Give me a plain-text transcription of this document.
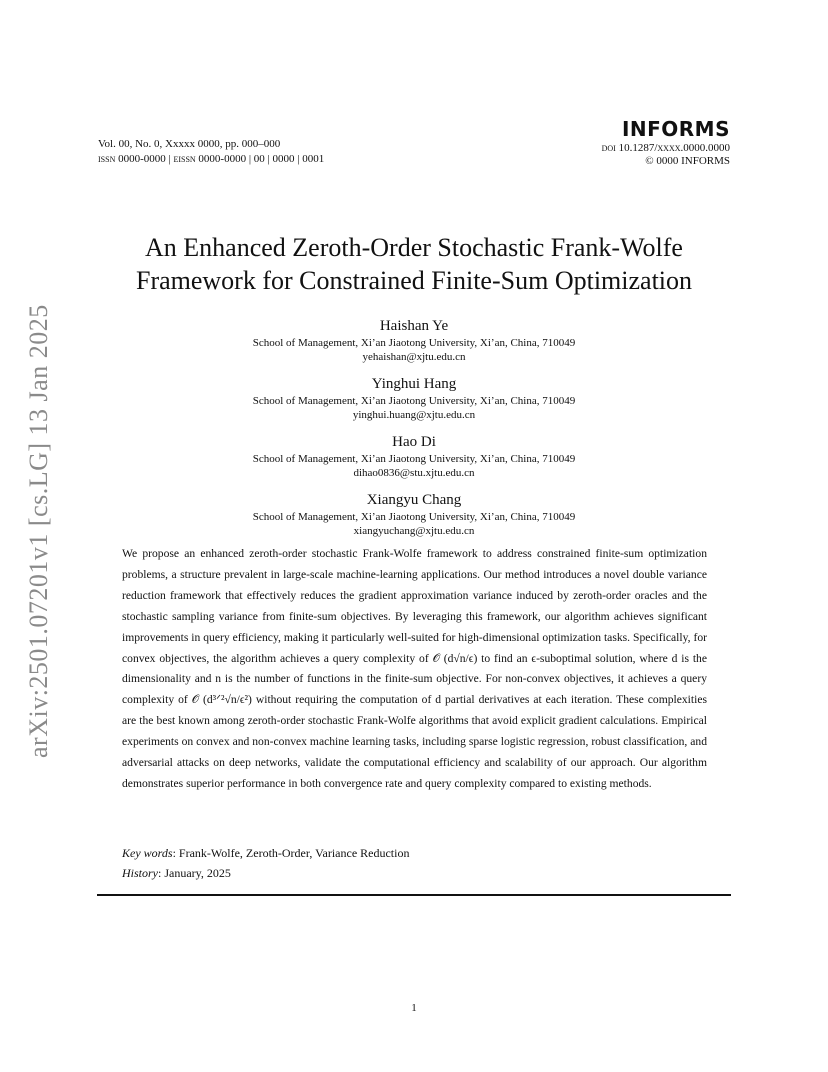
arXiv:2501.07201v1 [cs.LG] 13 Jan 2025
Vol. 00, No. 0, Xxxxx 0000, pp. 000–000
issn 0000-0000 | eissn 0000-0000 | 00 | 0000 | 0001
INFORMS
doi 10.1287/xxxx.0000.0000
© 0000 INFORMS
An Enhanced Zeroth-Order Stochastic Frank-Wolfe
Framework for Constrained Finite-Sum Optimization
Haishan Ye
School of Management, Xi’an Jiaotong University, Xi’an, China, 710049
yehaishan@xjtu.edu.cn
Yinghui Hang
School of Management, Xi’an Jiaotong University, Xi’an, China, 710049
yinghui.huang@xjtu.edu.cn
Hao Di
School of Management, Xi’an Jiaotong University, Xi’an, China, 710049
dihao0836@stu.xjtu.edu.cn
Xiangyu Chang
School of Management, Xi’an Jiaotong University, Xi’an, China, 710049
xiangyuchang@xjtu.edu.cn
We propose an enhanced zeroth-order stochastic Frank-Wolfe framework to address constrained finite-sum optimization problems, a structure prevalent in large-scale machine-learning applications. Our method introduces a novel double variance reduction framework that effectively reduces the gradient approximation variance induced by zeroth-order oracles and the stochastic sampling variance from finite-sum objectives. By leveraging this framework, our algorithm achieves significant improvements in query efficiency, making it particularly well-suited for high-dimensional optimization tasks. Specifically, for convex objectives, the algorithm achieves a query complexity of 𝒪 (d√n/ϵ) to find an ϵ-suboptimal solution, where d is the dimensionality and n is the number of functions in the finite-sum objective. For non-convex objectives, it achieves a query complexity of 𝒪 (d³ᐟ²√n/ϵ²) without requiring the computation of d partial derivatives at each iteration. These complexities are the best known among zeroth-order stochastic Frank-Wolfe algorithms that avoid explicit gradient calculations. Empirical experiments on convex and non-convex machine learning tasks, including sparse logistic regression, robust classification, and adversarial attacks on deep networks, validate the computational efficiency and scalability of our approach. Our algorithm demonstrates superior performance in both convergence rate and query complexity compared to existing methods.
Key words: Frank-Wolfe, Zeroth-Order, Variance Reduction
History: January, 2025
1
